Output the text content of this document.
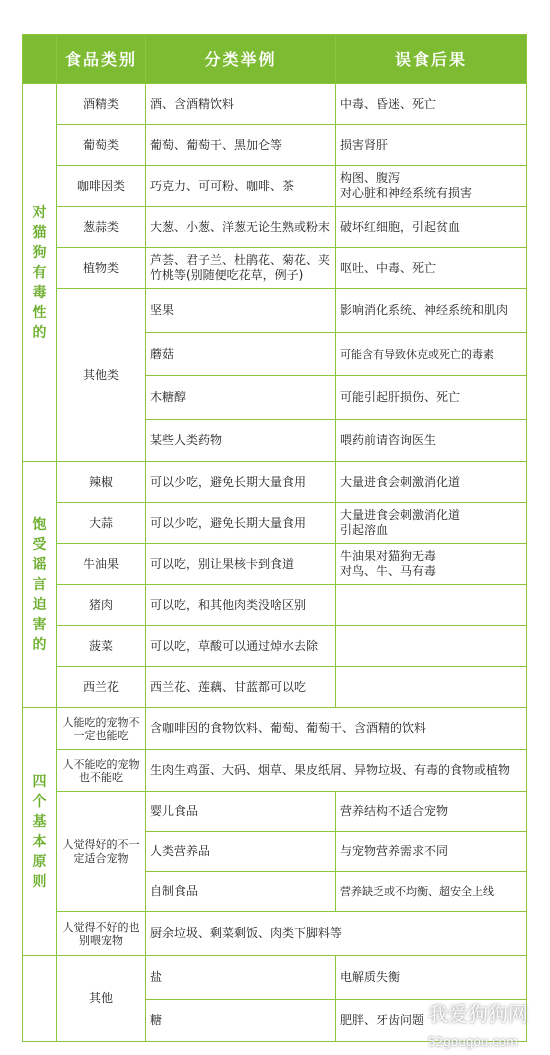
	食品类别	分类举例	误食后果
对猫狗有毒性的	酒精类	酒、含酒精饮料	中毒、昏迷、死亡
	葡萄类	葡萄、葡萄干、黑加仑等	损害肾肝
	咖啡因类	巧克力、可可粉、咖啡、茶	构图、腹泻
对心脏和神经系统有损害
	葱蒜类	大葱、小葱、洋葱无论生熟或粉末	破坏红细胞，引起贫血
	植物类	芦荟、君子兰、杜鹃花、菊花、夹竹桃等(别随便吃花草，例子)	呕吐、中毒、死亡
	其他类	坚果	影响消化系统、神经系统和肌肉
		蘑菇	可能含有导致休克或死亡的毒素
		木糖醇	可能引起肝损伤、死亡
		某些人类药物	喂药前请咨询医生
饱受谣言迫害的	辣椒	可以少吃，避免长期大量食用	大量进食会刺激消化道
	大蒜	可以少吃，避免长期大量食用	大量进食会刺激消化道
引起溶血
	牛油果	可以吃，别让果核卡到食道	牛油果对猫狗无毒
对鸟、牛、马有毒
	猪肉	可以吃，和其他肉类没啥区别	
	菠菜	可以吃，草酸可以通过焯水去除	
	西兰花	西兰花、莲藕、甘蓝都可以吃	
四个基本原则	人能吃的宠物不一定也能吃	含咖啡因的食物饮料、葡萄、葡萄干、含酒精的饮料	
	人不能吃的宠物也不能吃	生肉生鸡蛋、大码、烟草、果皮纸屑、异物垃圾、有毒的食物或植物	
	人觉得好的不一定适合宠物	婴儿食品	营养结构不适合宠物
		人类营养品	与宠物营养需求不同
		自制食品	营养缺乏或不均衡、超安全上线
	人觉得不好的也别喂宠物	厨余垃圾、剩菜剩饭、肉类下脚料等	
	其他	盐	电解质失衡
		糖	肥胖、牙齿问题 我爱狗狗网
52gougou.com
